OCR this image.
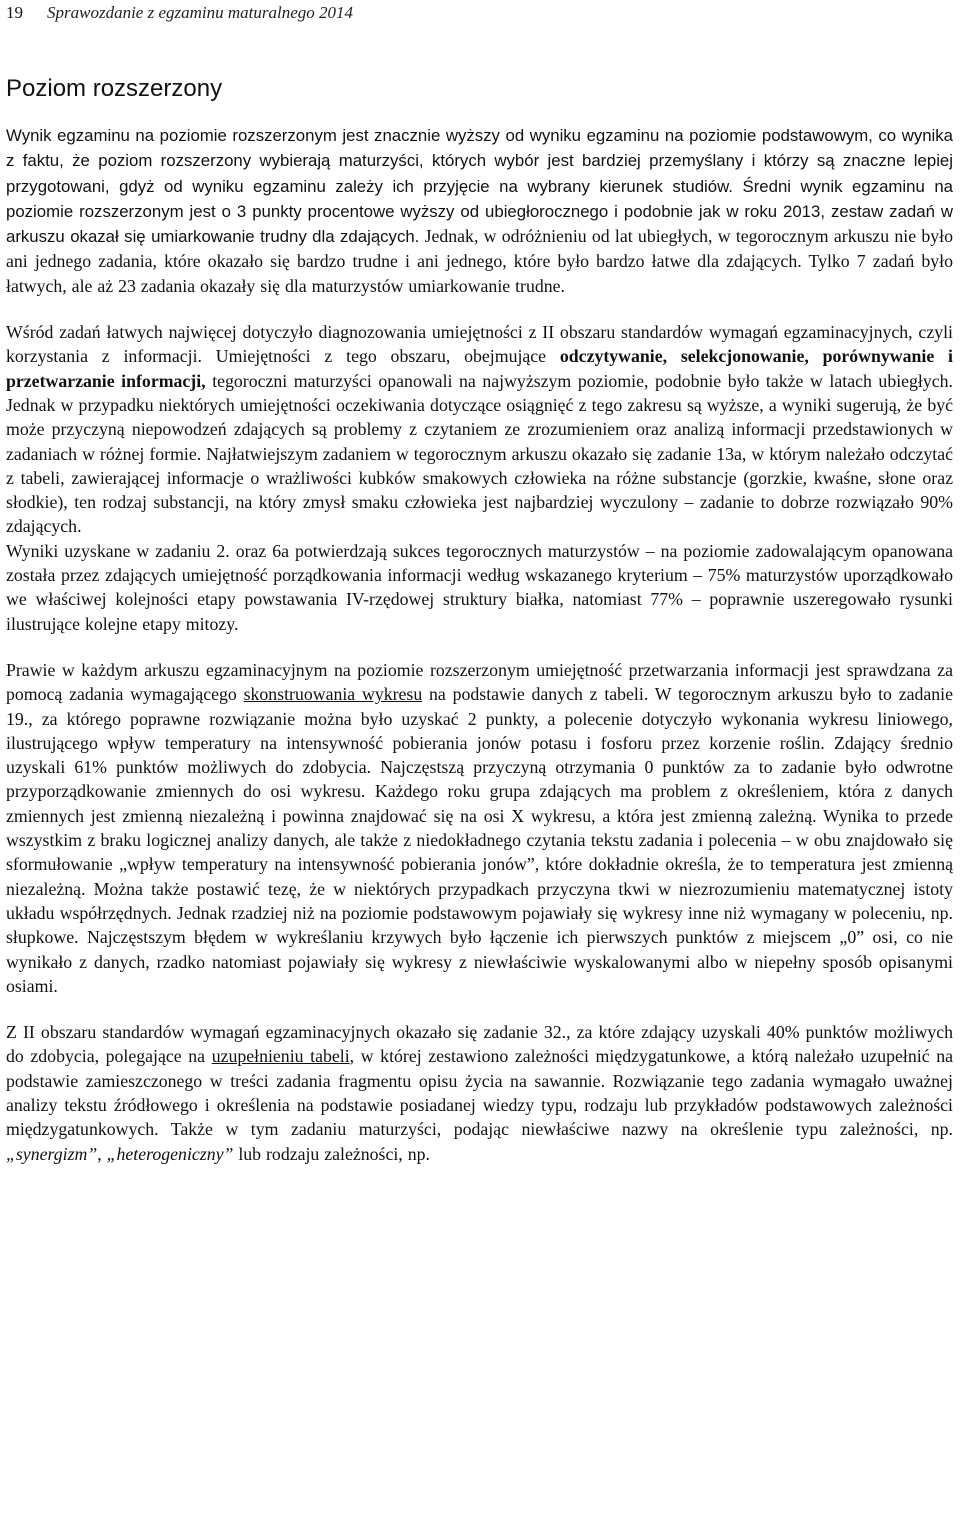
19 Sprawozdanie z egzaminu maturalnego 2014
Poziom rozszerzony

Wynik egzaminu na poziomie rozszerzonym jest znacznie wyższy od wyniku egzaminu na poziomie podstawowym, co wynika z faktu, że poziom rozszerzony wybierają maturzyści, których wybór jest bardziej przemyślany i którzy są znaczne lepiej przygotowani, gdyż od wyniku egzaminu zależy ich przyjęcie na wybrany kierunek studiów. Średni wynik egzaminu na poziomie rozszerzonym jest o 3 punkty procentowe wyższy od ubiegłorocznego i podobnie jak w roku 2013, zestaw zadań w arkuszu okazał się umiarkowanie trudny dla zdających. Jednak, w odróżnieniu od lat ubiegłych, w tegorocznym arkuszu nie było ani jednego zadania, które okazało się bardzo trudne i ani jednego, które było bardzo łatwe dla zdających. Tylko 7 zadań było łatwych, ale aż 23 zadania okazały się dla maturzystów umiarkowanie trudne.

Wśród zadań łatwych najwięcej dotyczyło diagnozowania umiejętności z II obszaru standardów wymagań egzaminacyjnych, czyli korzystania z informacji. Umiejętności z tego obszaru, obejmujące odczytywanie, selekcjonowanie, porównywanie i przetwarzanie informacji, tegoroczni maturzyści opanowali na najwyższym poziomie, podobnie było także w latach ubiegłych. Jednak w przypadku niektórych umiejętności oczekiwania dotyczące osiągnięć z tego zakresu są wyższe, a wyniki sugerują, że być może przyczyną niepowodzeń zdających są problemy z czytaniem ze zrozumieniem oraz analizą informacji przedstawionych w zadaniach w różnej formie. Najłatwiejszym zadaniem w tegorocznym arkuszu okazało się zadanie 13a, w którym należało odczytać z tabeli, zawierającej informacje o wrażliwości kubków smakowych człowieka na różne substancje (gorzkie, kwaśne, słone oraz słodkie), ten rodzaj substancji, na który zmysł smaku człowieka jest najbardziej wyczulony – zadanie to dobrze rozwiązało 90% zdających.

Wyniki uzyskane w zadaniu 2. oraz 6a potwierdzają sukces tegorocznych maturzystów – na poziomie zadowalającym opanowana została przez zdających umiejętność porządkowania informacji według wskazanego kryterium – 75% maturzystów uporządkowało we właściwej kolejności etapy powstawania IV-rzędowej struktury białka, natomiast 77% – poprawnie uszeregowało rysunki ilustrujące kolejne etapy mitozy.

Prawie w każdym arkuszu egzaminacyjnym na poziomie rozszerzonym umiejętność przetwarzania informacji jest sprawdzana za pomocą zadania wymagającego skonstruowania wykresu na podstawie danych z tabeli. W tegorocznym arkuszu było to zadanie 19., za którego poprawne rozwiązanie można było uzyskać 2 punkty, a polecenie dotyczyło wykonania wykresu liniowego, ilustrującego wpływ temperatury na intensywność pobierania jonów potasu i fosforu przez korzenie roślin. Zdający średnio uzyskali 61% punktów możliwych do zdobycia. Najczęstszą przyczyną otrzymania 0 punktów za to zadanie było odwrotne przyporządkowanie zmiennych do osi wykresu. Każdego roku grupa zdających ma problem z określeniem, która z danych zmiennych jest zmienną niezależną i powinna znajdować się na osi X wykresu, a która jest zmienną zależną. Wynika to przede wszystkim z braku logicznej analizy danych, ale także z niedokładnego czytania tekstu zadania i polecenia – w obu znajdowało się sformułowanie „wpływ temperatury na intensywność pobierania jonów”, które dokładnie określa, że to temperatura jest zmienną niezależną. Można także postawić tezę, że w niektórych przypadkach przyczyna tkwi w niezrozumieniu matematycznej istoty układu współrzędnych. Jednak rzadziej niż na poziomie podstawowym pojawiały się wykresy inne niż wymagany w poleceniu, np. słupkowe. Najczęstszym błędem w wykreślaniu krzywych było łączenie ich pierwszych punktów z miejscem „0” osi, co nie wynikało z danych, rzadko natomiast pojawiały się wykresy z niewłaściwie wyskalowanymi albo w niepełny sposób opisanymi osiami.

Z II obszaru standardów wymagań egzaminacyjnych okazało się zadanie 32., za które zdający uzyskali 40% punktów możliwych do zdobycia, polegające na uzupełnieniu tabeli, w której zestawiono zależności międzygatunkowe, a którą należało uzupełnić na podstawie zamieszczonego w treści zadania fragmentu opisu życia na sawannie. Rozwiązanie tego zadania wymagało uważnej analizy tekstu źródłowego i określenia na podstawie posiadanej wiedzy typu, rodzaju lub przykładów podstawowych zależności międzygatunkowych. Także w tym zadaniu maturzyści, podając niewłaściwe nazwy na określenie typu zależności, np. „synergizm”, „heterogeniczny” lub rodzaju zależności, np.
